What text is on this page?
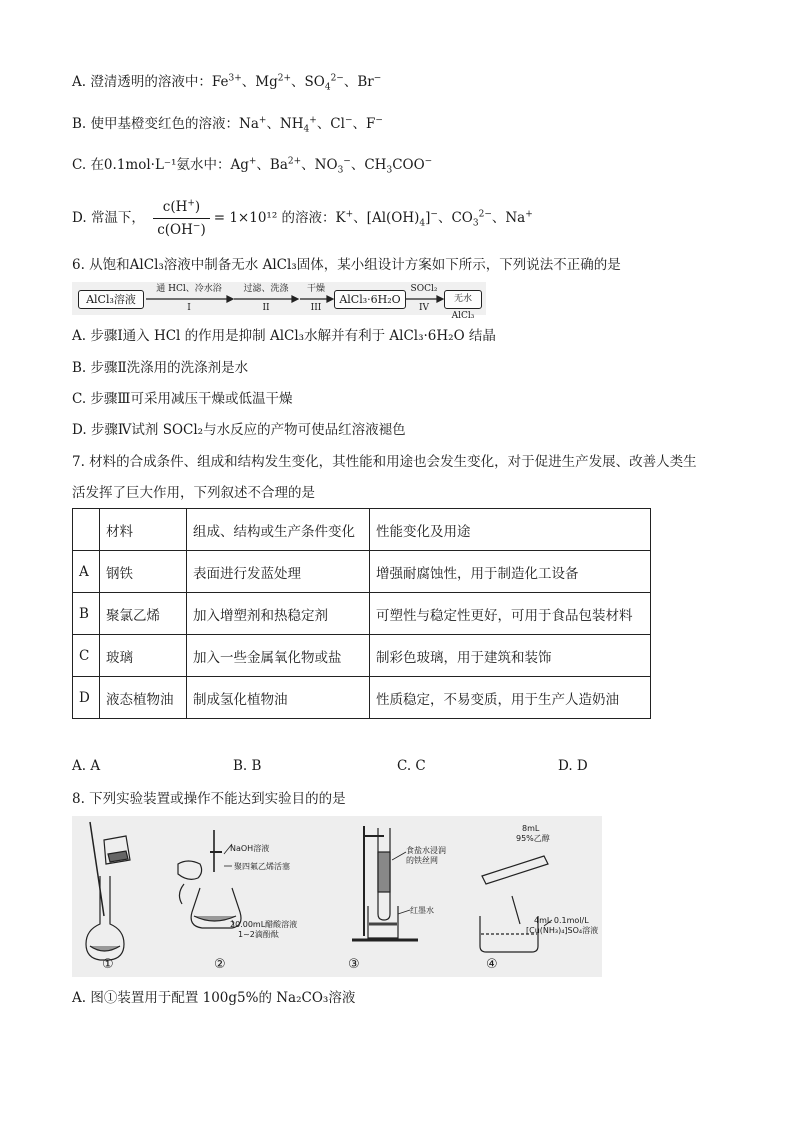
A. 澄清透明的溶液中：$Fe^{3+}$、$Mg^{2+}$、$SO_4^{2-}$、Br−
B. 使甲基橙变红色的溶液：Na+、$NH_4^+$、Cl−、F−
C. 在0.1mol·L⁻¹氨水中：Ag+、$Ba^{2+}$、$NO_3^-$、$CH_3COO^-$
D. 常温下， $\frac{c(H^+)}{c(OH^-)} = 1\times 10^{12}$ 的溶液：K+、$[Al(OH)_4]^-$、$CO_3^{2-}$、Na+
6. 从饱和AlCl₃溶液中制备无水 AlCl₃固体，某小组设计方案如下所示，下列说法不正确的是
AlCl₃溶液
通 HCl、冷水浴
I
过滤、洗涤
II
干燥
III
AlCl₃·6H₂O
SOCl₂
IV
无水 AlCl₃
A. 步骤Ⅰ通入 HCl 的作用是抑制 AlCl₃水解并有利于 AlCl₃·6H₂O 结晶
B. 步骤Ⅱ洗涤用的洗涤剂是水
C. 步骤Ⅲ可采用减压干燥或低温干燥
D. 步骤Ⅳ试剂 SOCl₂与水反应的产物可使品红溶液褪色
7. 材料的合成条件、组成和结构发生变化，其性能和用途也会发生变化，对于促进生产发展、改善人类生
活发挥了巨大作用，下列叙述不合理的是
	材料	组成、结构或生产条件变化	性能变化及用途
A	钢铁	表面进行发蓝处理	增强耐腐蚀性，用于制造化工设备
B	聚氯乙烯	加入增塑剂和热稳定剂	可塑性与稳定性更好，可用于食品包装材料
C	玻璃	加入一些金属氧化物或盐	制彩色玻璃，用于建筑和装饰
D	液态植物油	制成氢化植物油	性质稳定，不易变质，用于生产人造奶油
A. A	B. B	C. C	D. D
8. 下列实验装置或操作不能达到实验目的的是
NaOH溶液
聚四氟乙烯活塞
20.00mL醋酸溶液
1~2滴酚酞
食盐水浸润
的铁丝网
红墨水
8mL
95%乙醇
4mL 0.1mol/L
[Cu(NH₃)₄]SO₄溶液
①	②	③	④
A. 图①装置用于配置 100g5%的 Na₂CO₃溶液
